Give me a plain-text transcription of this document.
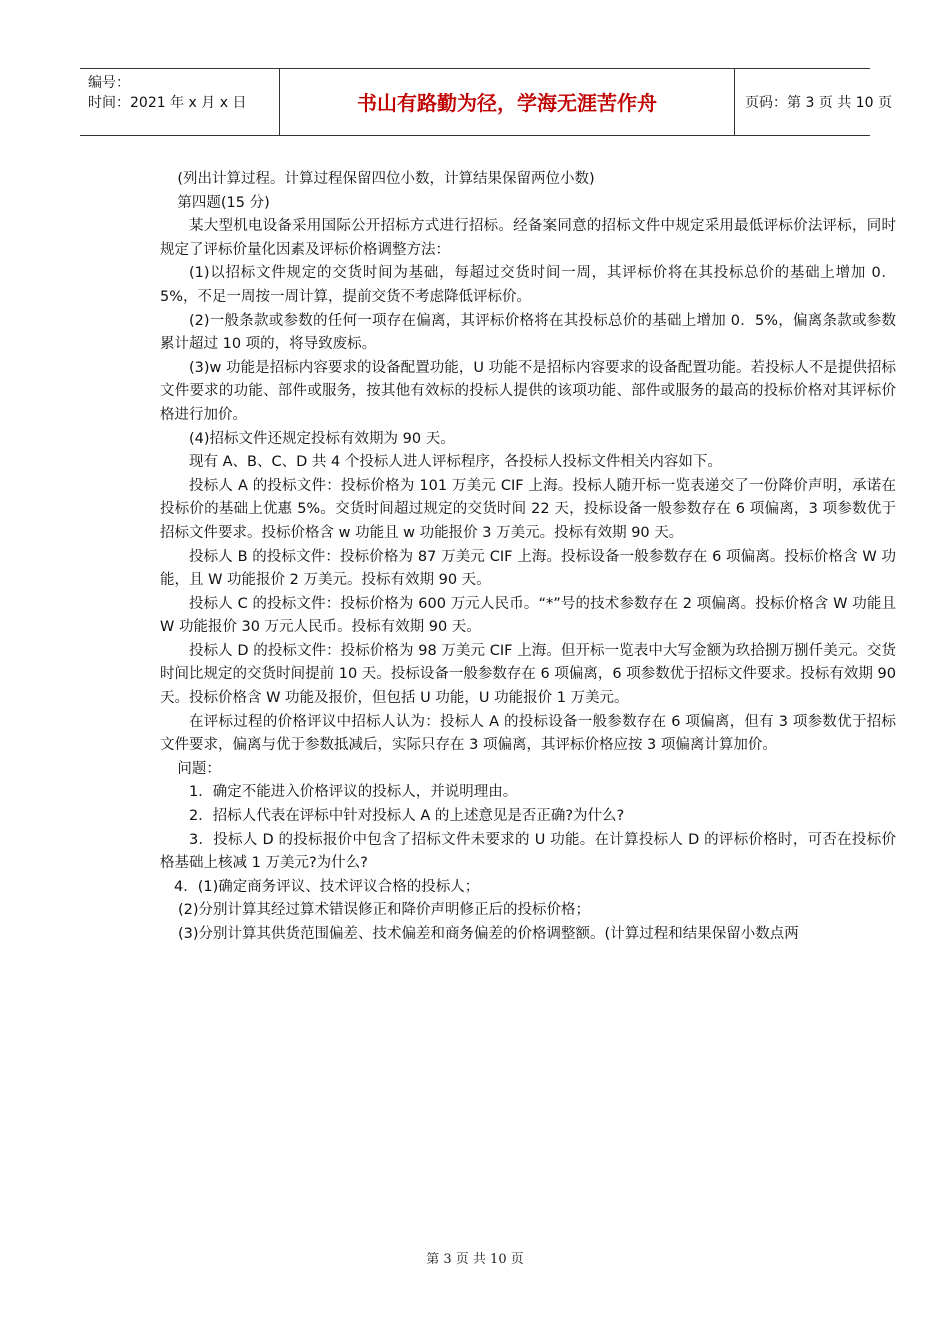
编号：
时间：2021 年 x 月 x 日	书山有路勤为径，学海无涯苦作舟	页码：第 3 页 共 10 页

(列出计算过程。计算过程保留四位小数，计算结果保留两位小数)

第四题(15 分)

某大型机电设备采用国际公开招标方式进行招标。经备案同意的招标文件中规定采用最低评标价法评标，同时规定了评标价量化因素及评标价格调整方法：

(1)以招标文件规定的交货时间为基础，每超过交货时间一周，其评标价将在其投标总价的基础上增加 0．5%，不足一周按一周计算，提前交货不考虑降低评标价。

(2)一般条款或参数的任何一项存在偏离，其评标价格将在其投标总价的基础上增加 0．5%，偏离条款或参数累计超过 10 项的，将导致废标。

(3)w 功能是招标内容要求的设备配置功能，U 功能不是招标内容要求的设备配置功能。若投标人不是提供招标文件要求的功能、部件或服务，按其他有效标的投标人提供的该项功能、部件或服务的最高的投标价格对其评标价格进行加价。

(4)招标文件还规定投标有效期为 90 天。

现有 A、B、C、D 共 4 个投标人进人评标程序，各投标人投标文件相关内容如下。

投标人 A 的投标文件：投标价格为 101 万美元 CIF 上海。投标人随开标一览表递交了一份降价声明，承诺在投标价的基础上优惠 5%。交货时间超过规定的交货时间 22 天，投标设备一般参数存在 6 项偏离，3 项参数优于招标文件要求。投标价格含 w 功能且 w 功能报价 3 万美元。投标有效期 90 天。

投标人 B 的投标文件：投标价格为 87 万美元 CIF 上海。投标设备一般参数存在 6 项偏离。投标价格含 W 功能，且 W 功能报价 2 万美元。投标有效期 90 天。

投标人 C 的投标文件：投标价格为 600 万元人民币。“*”号的技术参数存在 2 项偏离。投标价格含 W 功能且 W 功能报价 30 万元人民币。投标有效期 90 天。

投标人 D 的投标文件：投标价格为 98 万美元 CIF 上海。但开标一览表中大写金额为玖拾捌万捌仟美元。交货时间比规定的交货时间提前 10 天。投标设备一般参数存在 6 项偏离，6 项参数优于招标文件要求。投标有效期 90 天。投标价格含 W 功能及报价，但包括 U 功能，U 功能报价 1 万美元。

在评标过程的价格评议中招标人认为：投标人 A 的投标设备一般参数存在 6 项偏离，但有 3 项参数优于招标文件要求，偏离与优于参数抵减后，实际只存在 3 项偏离，其评标价格应按 3 项偏离计算加价。

问题：

1．确定不能进入价格评议的投标人，并说明理由。

2．招标人代表在评标中针对投标人 A 的上述意见是否正确?为什么?

3．投标人 D 的投标报价中包含了招标文件未要求的 U 功能。在计算投标人 D 的评标价格时，可否在投标价格基础上核减 1 万美元?为什么?

4．(1)确定商务评议、技术评议合格的投标人；

(2)分别计算其经过算术错误修正和降价声明修正后的投标价格；

(3)分别计算其供货范围偏差、技术偏差和商务偏差的价格调整额。(计算过程和结果保留小数点两

第 3 页 共 10 页
